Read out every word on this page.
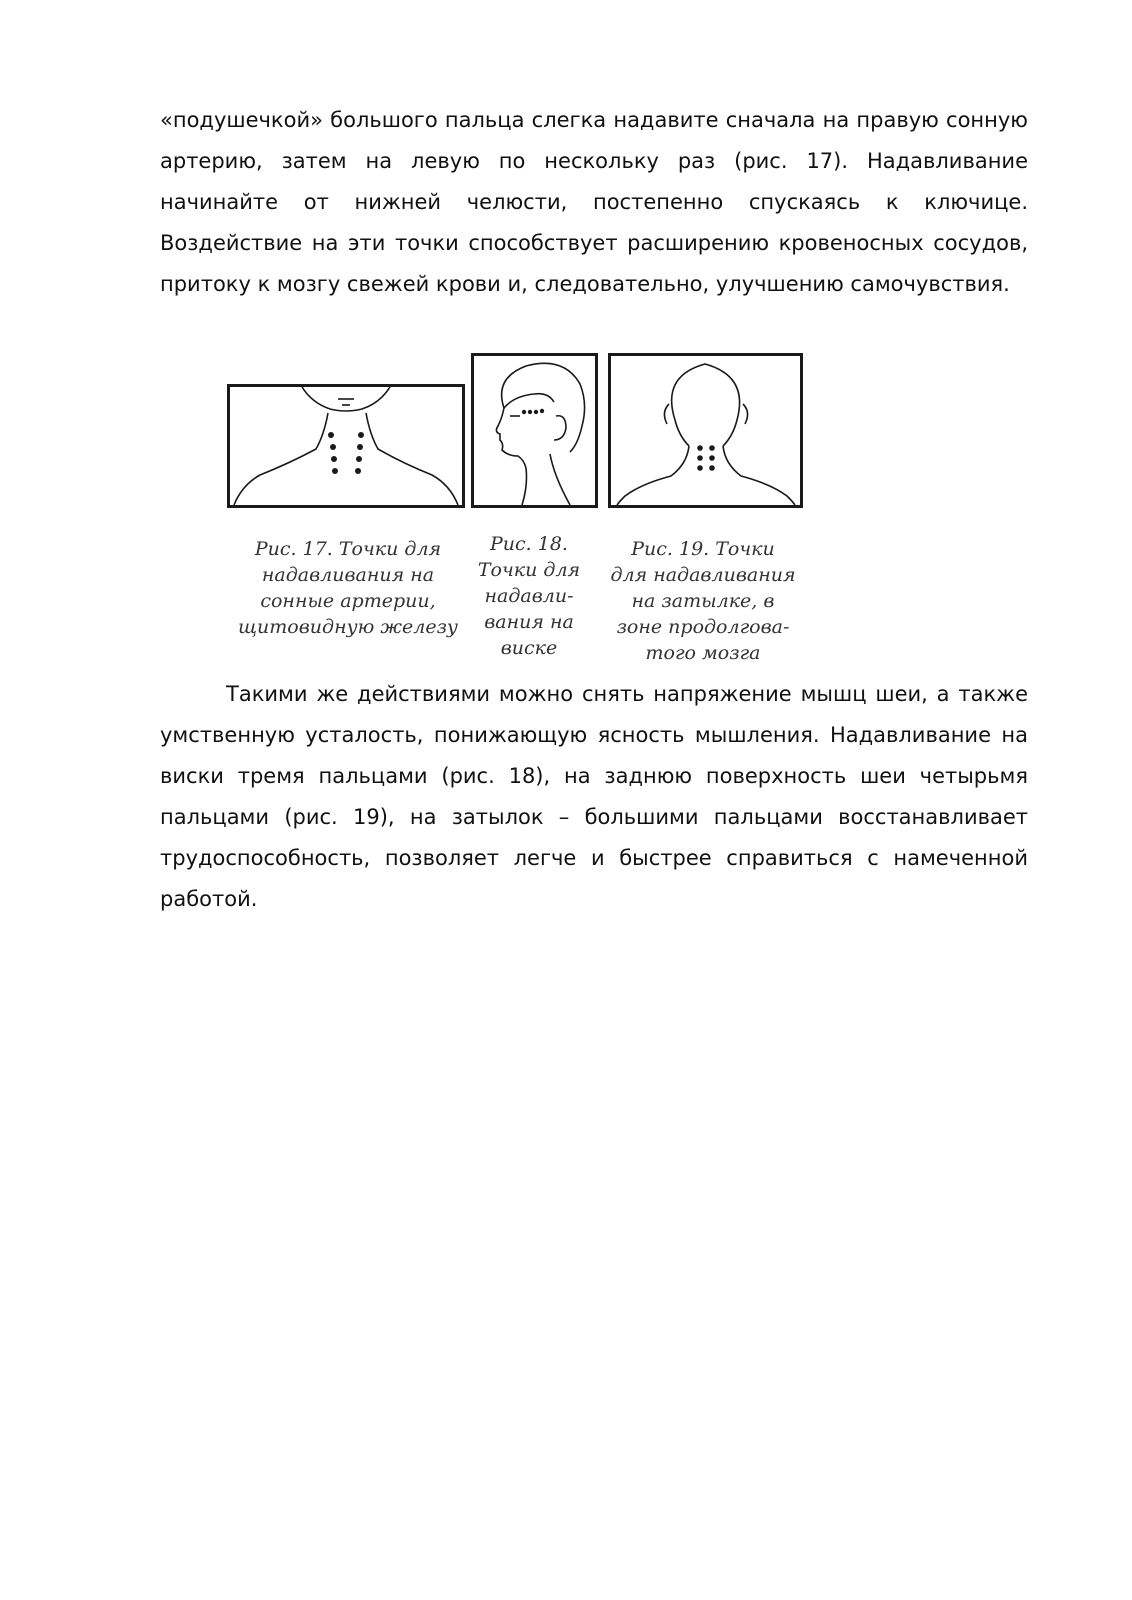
«подушечкой» большого пальца слегка надавите сначала на правую сонную артерию, затем на левую по нескольку раз (рис. 17). Надавливание начинайте от нижней челюсти, постепенно спускаясь к ключице. Воздействие на эти точки способствует расширению кровеносных сосудов, притоку к мозгу свежей крови и, следовательно, улучшению самочувствия.

Рис. 17. Точки для
надавливания на
сонные артерии,
щитовидную железу
Рис. 18.
Точки для
надавли-
вания на
виске
Рис. 19. Точки
для надавливания
на затылке, в
зоне продолгова-
того мозга

Такими же действиями можно снять напряжение мышц шеи, а также умственную усталость, понижающую ясность мышления. Надавливание на виски тремя пальцами (рис. 18), на заднюю поверхность шеи четырьмя пальцами (рис. 19), на затылок – большими пальцами восстанавливает трудоспособность, позволяет легче и быстрее справиться с намеченной работой.
